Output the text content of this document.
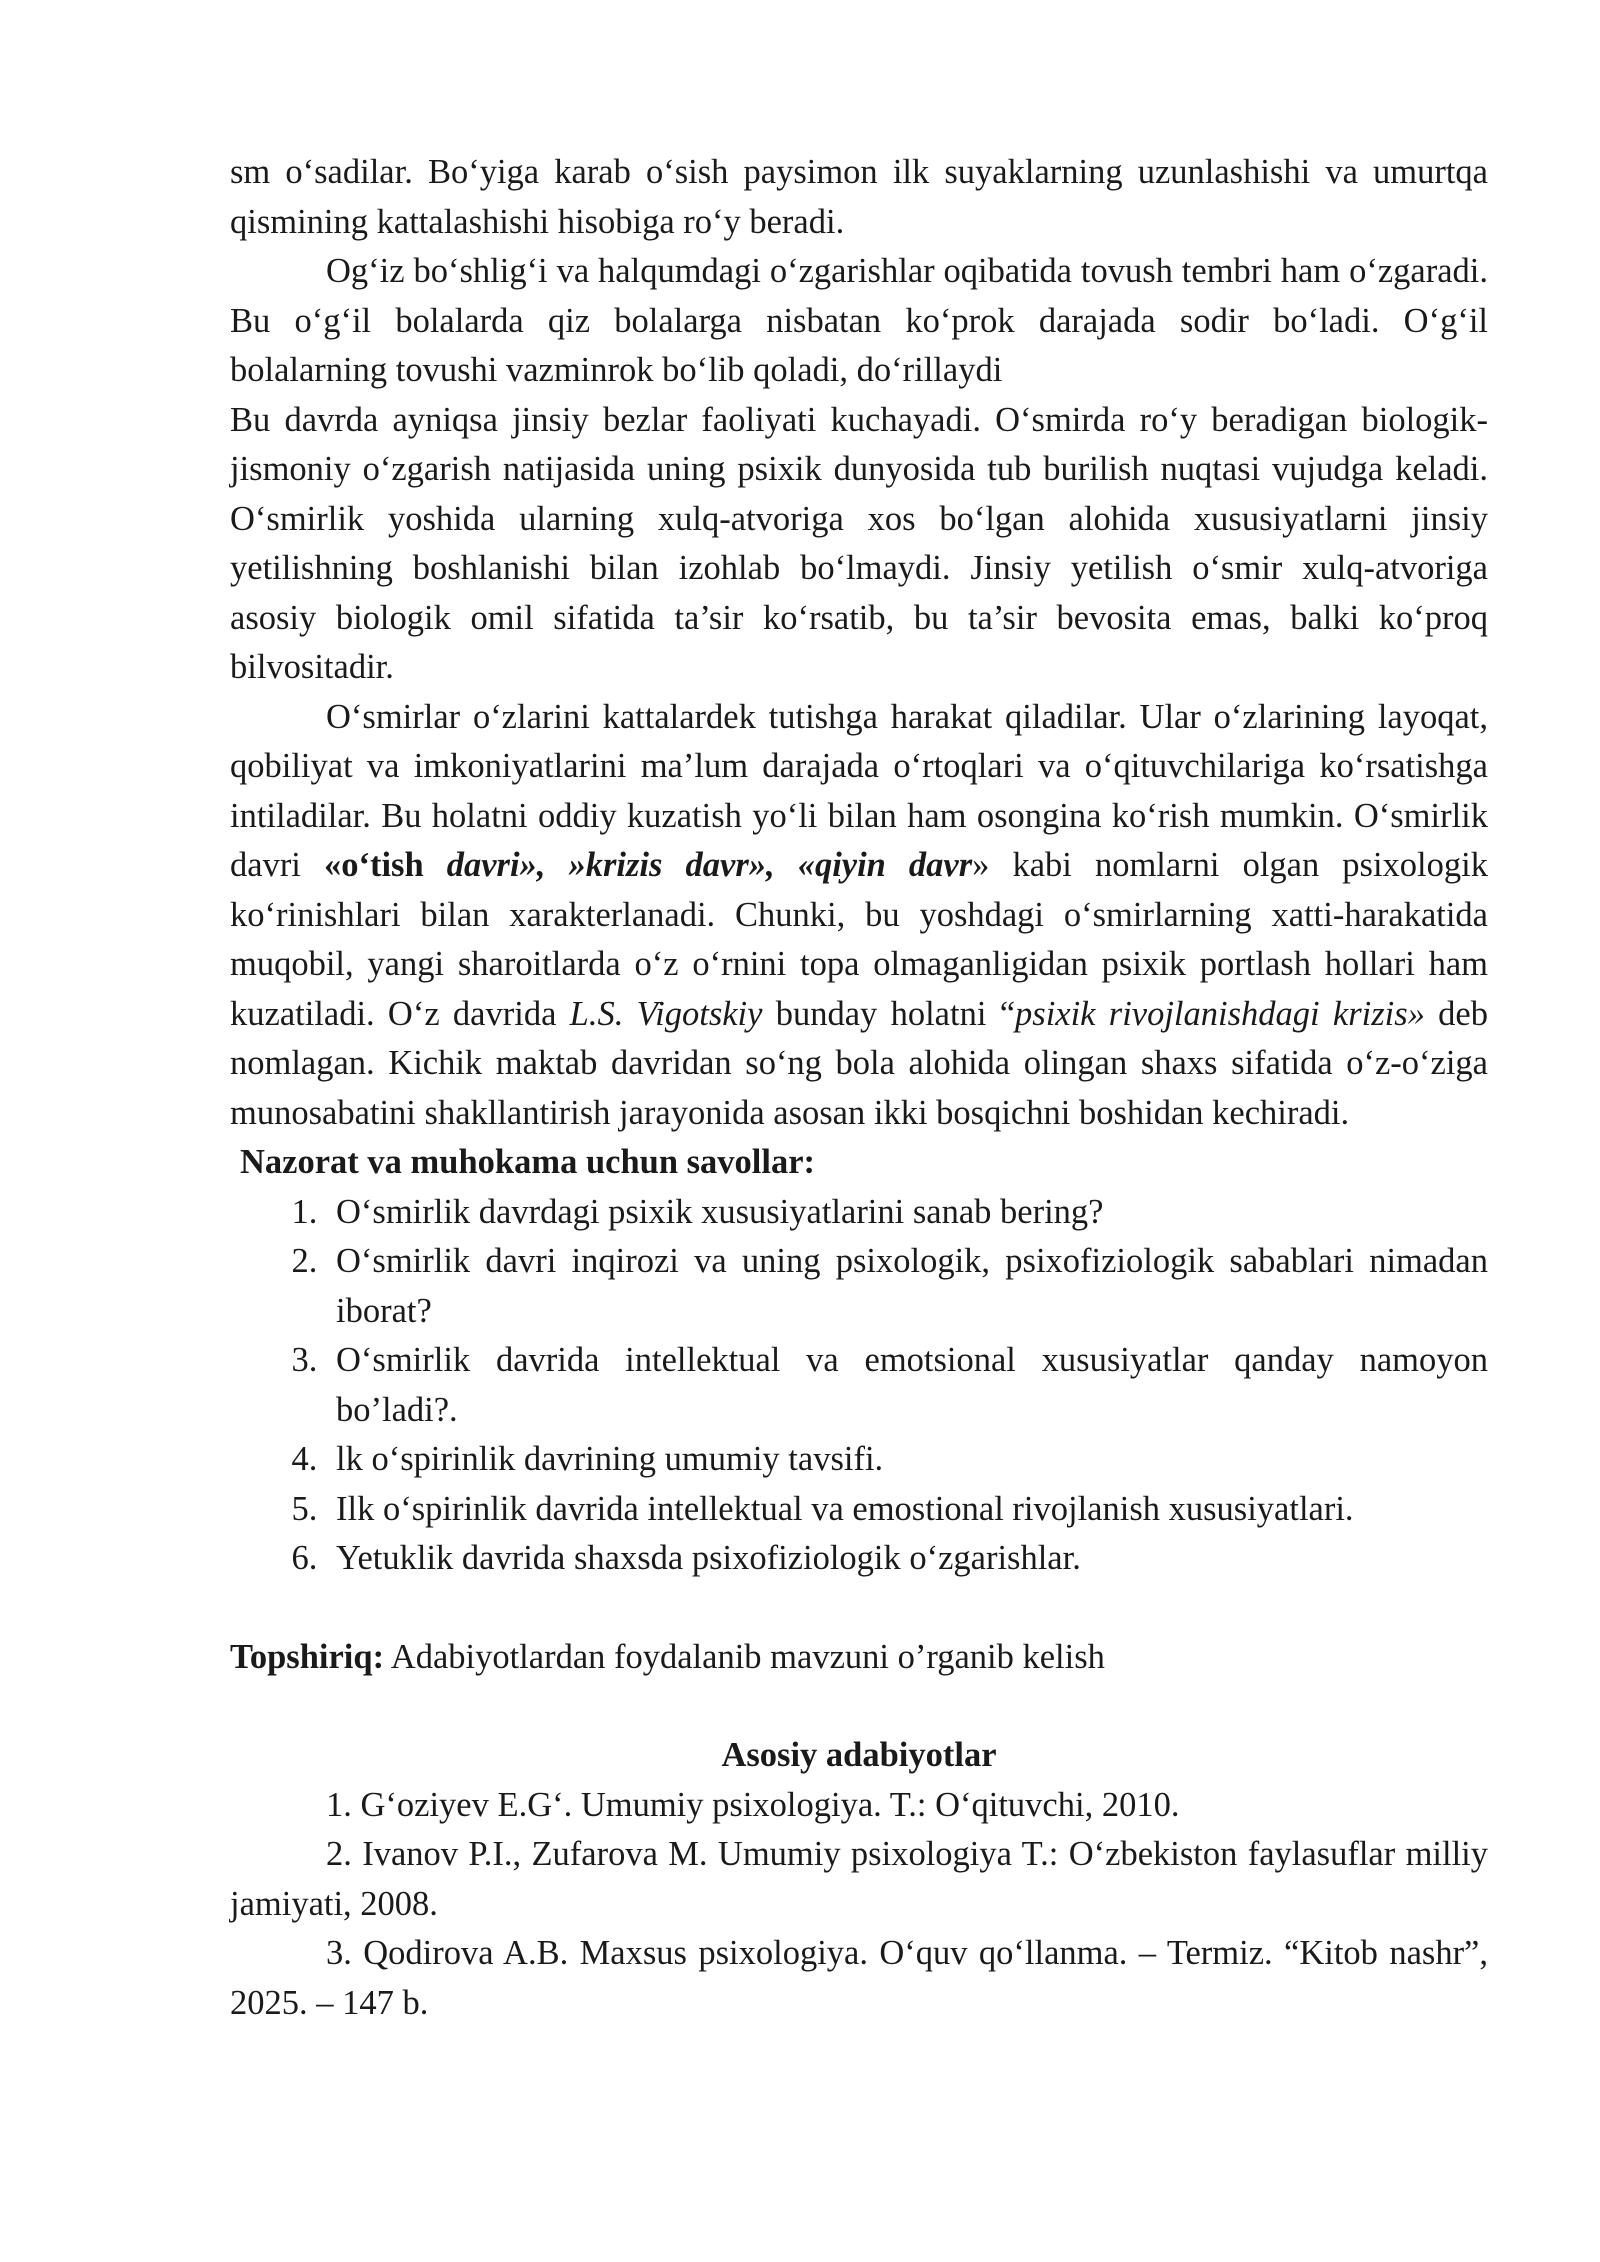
sm o‘sadilar. Bo‘yiga karab o‘sish paysimon ilk suyaklarning uzunlashishi va umurtqa qismining kattalashishi hisobiga ro‘y beradi.

Og‘iz bo‘shlig‘i va halqumdagi o‘zgarishlar oqibatida tovush tembri ham o‘zgaradi. Bu o‘g‘il bolalarda qiz bolalarga nisbatan ko‘prok darajada sodir bo‘ladi. O‘g‘il bolalarning tovushi vazminrok bo‘lib qoladi, do‘rillaydi

Bu davrda ayniqsa jinsiy bezlar faoliyati kuchayadi. O‘smirda ro‘y beradigan biologik-jismoniy o‘zgarish natijasida uning psixik dunyosida tub burilish nuqtasi vujudga keladi. O‘smirlik yoshida ularning xulq-atvoriga xos bo‘lgan alohida xususiyatlarni jinsiy yetilishning boshlanishi bilan izohlab bo‘lmaydi. Jinsiy yetilish o‘smir xulq-atvoriga asosiy biologik omil sifatida ta’sir ko‘rsatib, bu ta’sir bevosita emas, balki ko‘proq bilvositadir.

O‘smirlar o‘zlarini kattalardek tutishga harakat qiladilar. Ular o‘zlarining layoqat, qobiliyat va imkoniyatlarini ma’lum darajada o‘rtoqlari va o‘qituvchilariga ko‘rsatishga intiladilar. Bu holatni oddiy kuzatish yo‘li bilan ham osongina ko‘rish mumkin. O‘smirlik davri «o‘tish davri», »krizis davr», «qiyin davr» kabi nomlarni olgan psixologik ko‘rinishlari bilan xarakterlanadi. Chunki, bu yoshdagi o‘smirlarning xatti-harakatida muqobil, yangi sharoitlarda o‘z o‘rnini topa olmaganligidan psixik portlash hollari ham kuzatiladi. O‘z davrida L.S. Vigotskiy bunday holatni “psixik rivojlanishdagi krizis» deb nomlagan. Kichik maktab davridan so‘ng bola alohida olingan shaxs sifatida o‘z-o‘ziga munosabatini shakllantirish jarayonida asosan ikki bosqichni boshidan kechiradi.

Nazorat va muhokama uchun savollar:

1. O‘smirlik davrdagi psixik xususiyatlarini sanab bering?
2. O‘smirlik davri inqirozi va uning psixologik, psixofiziologik sabablari nimadan iborat?
3. O‘smirlik davrida intellektual va emotsional xususiyatlar qanday namoyon bo’ladi?.
4. lk o‘spirinlik davrining umumiy tavsifi.
5. Ilk o‘spirinlik davrida intellektual va emostional rivojlanish xususiyatlari.
6. Yetuklik davrida shaxsda psixofiziologik o‘zgarishlar.

Topshiriq: Adabiyotlardan foydalanib mavzuni o’rganib kelish

Asosiy adabiyotlar

1. G‘oziyev E.G‘. Umumiy psixologiya. T.: O‘qituvchi, 2010.

2. Ivanov P.I., Zufarova M. Umumiy psixologiya T.: O‘zbekiston faylasuflar milliy jamiyati, 2008.

3. Qodirova A.B. Maxsus psixologiya. O‘quv qo‘llanma. – Termiz. “Kitob nashr”, 2025. – 147 b.
